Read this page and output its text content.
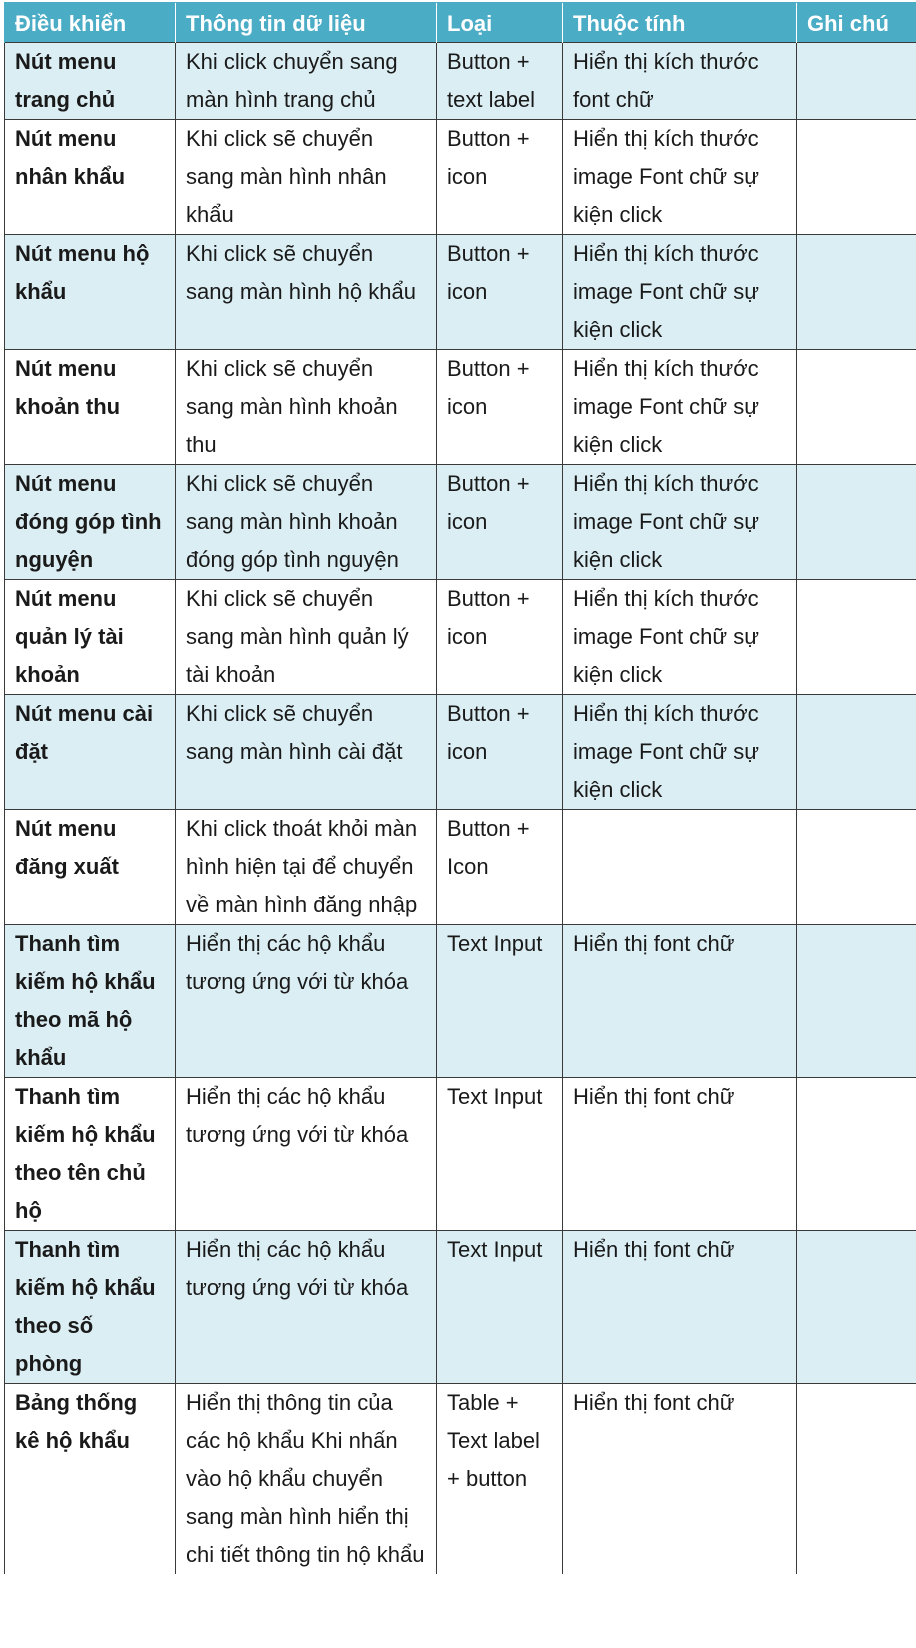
Điều khiển	Thông tin dữ liệu	Loại	Thuộc tính	Ghi chú
Nút menu trang chủ	Khi click chuyển sang màn hình trang chủ	Button + text label	Hiển thị kích thước font chữ	
Nút menu nhân khẩu	Khi click sẽ chuyển sang màn hình nhân khẩu	Button + icon	Hiển thị kích thước image Font chữ sự kiện click	
Nút menu hộ khẩu	Khi click sẽ chuyển sang màn hình hộ khẩu	Button + icon	Hiển thị kích thước image Font chữ sự kiện click	
Nút menu khoản thu	Khi click sẽ chuyển sang màn hình khoản thu	Button + icon	Hiển thị kích thước image Font chữ sự kiện click	
Nút menu đóng góp tình nguyện	Khi click sẽ chuyển sang màn hình khoản đóng góp tình nguyện	Button + icon	Hiển thị kích thước image Font chữ sự kiện click	
Nút menu quản lý tài khoản	Khi click sẽ chuyển sang màn hình quản lý tài khoản	Button + icon	Hiển thị kích thước image Font chữ sự kiện click	
Nút menu cài đặt	Khi click sẽ chuyển sang màn hình cài đặt	Button + icon	Hiển thị kích thước image Font chữ sự kiện click	
Nút menu đăng xuất	Khi click thoát khỏi màn hình hiện tại để chuyển về màn hình đăng nhập	Button + Icon		
Thanh tìm kiếm hộ khẩu theo mã hộ khẩu	Hiển thị các hộ khẩu tương ứng với từ khóa	Text Input	Hiển thị font chữ	
Thanh tìm kiếm hộ khẩu theo tên chủ hộ	Hiển thị các hộ khẩu tương ứng với từ khóa	Text Input	Hiển thị font chữ	
Thanh tìm kiếm hộ khẩu theo số phòng	Hiển thị các hộ khẩu tương ứng với từ khóa	Text Input	Hiển thị font chữ	
Bảng thống kê hộ khẩu	Hiển thị thông tin của các hộ khẩu Khi nhấn vào hộ khẩu chuyển sang màn hình hiển thị chi tiết thông tin hộ khẩu	Table + Text label + button	Hiển thị font chữ	
